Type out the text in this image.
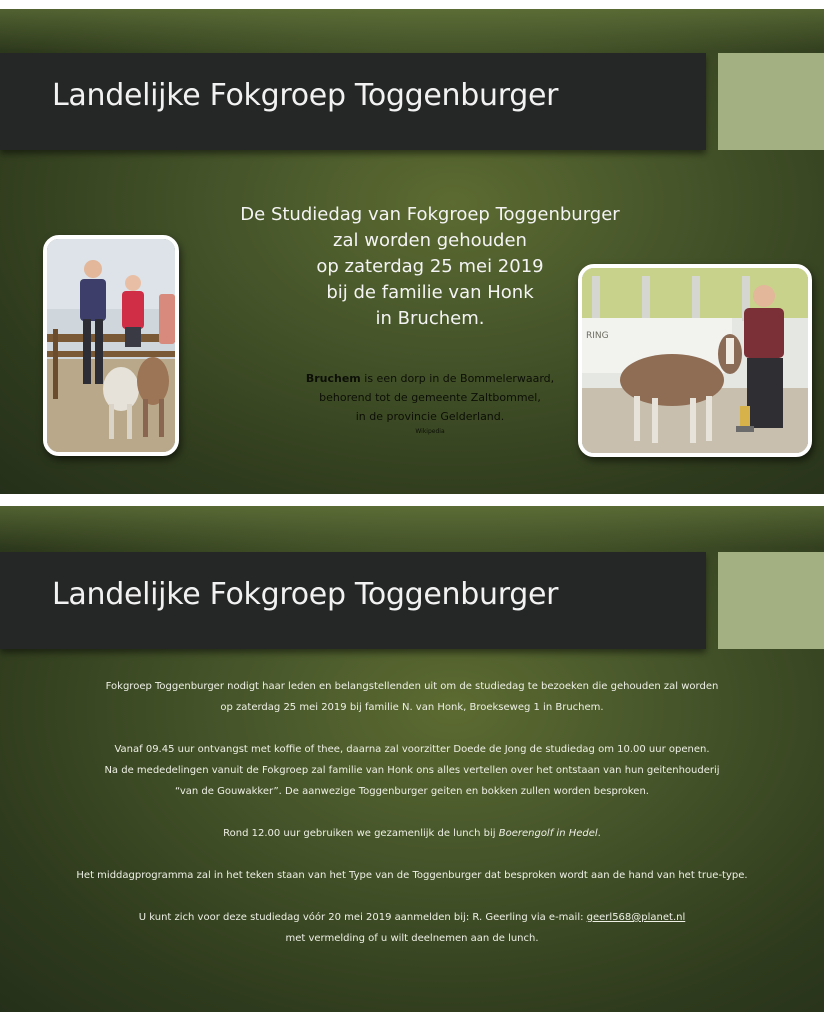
Landelijke Fokgroep Toggenburger
De Studiedag van Fokgroep Toggenburger
zal worden gehouden
op zaterdag 25 mei 2019
bij de familie van Honk
in Bruchem.
Bruchem is een dorp in de Bommelerwaard,
behorend tot de gemeente Zaltbommel,
in de provincie Gelderland.
Wikipedia
RING
Landelijke Fokgroep Toggenburger

Fokgroep Toggenburger nodigt haar leden en belangstellenden uit om de studiedag te bezoeken die gehouden zal worden
op zaterdag 25 mei 2019 bij familie N. van Honk, Broekseweg 1 in Bruchem.

Vanaf 09.45 uur ontvangst met koffie of thee, daarna zal voorzitter Doede de Jong de studiedag om 10.00 uur openen.
Na de mededelingen vanuit de Fokgroep zal familie van Honk ons alles vertellen over het ontstaan van hun geitenhouderij
“van de Gouwakker”. De aanwezige Toggenburger geiten en bokken zullen worden besproken.

Rond 12.00 uur gebruiken we gezamenlijk de lunch bij Boerengolf in Hedel.

Het middagprogramma zal in het teken staan van het Type van de Toggenburger dat besproken wordt aan de hand van het true-type.

U kunt zich voor deze studiedag vóór 20 mei 2019 aanmelden bij: R. Geerling via e-mail: geerl568@planet.nl
met vermelding of u wilt deelnemen aan de lunch.
